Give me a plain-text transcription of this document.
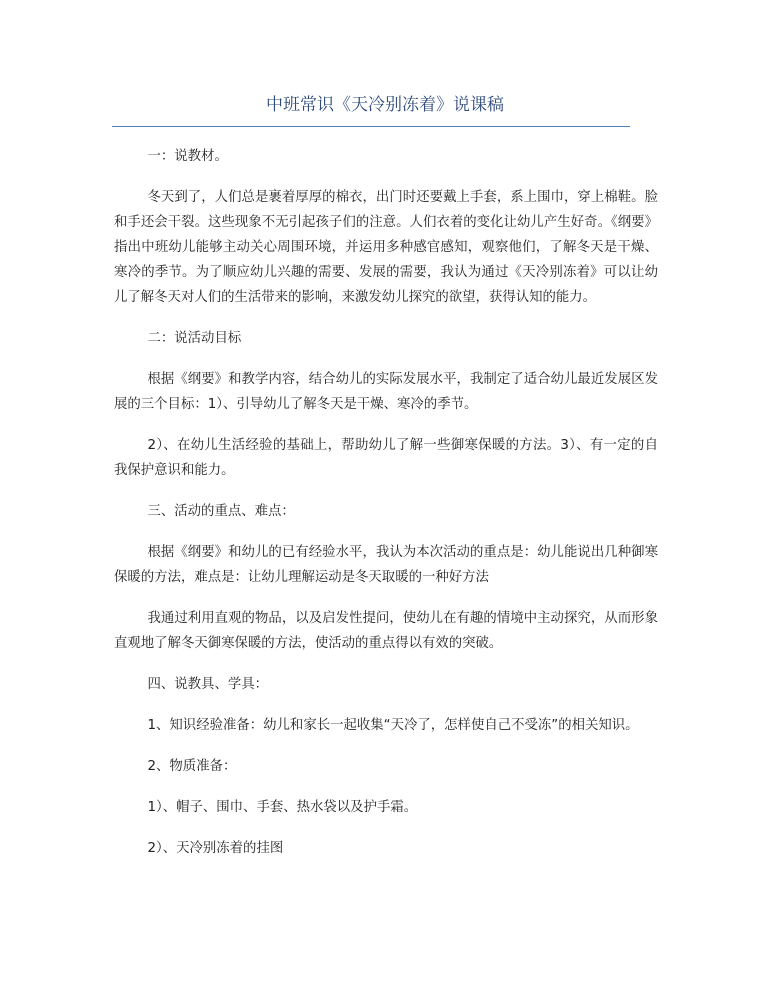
中班常识《天冷别冻着》说课稿

一：说教材。

冬天到了，人们总是裹着厚厚的棉衣，出门时还要戴上手套，系上围巾，穿上棉鞋。脸和手还会干裂。这些现象不无引起孩子们的注意。人们衣着的变化让幼儿产生好奇。《纲要》指出中班幼儿能够主动关心周围环境，并运用多种感官感知，观察他们，了解冬天是干燥、寒冷的季节。为了顺应幼儿兴趣的需要、发展的需要，我认为通过《天冷别冻着》可以让幼儿了解冬天对人们的生活带来的影响，来激发幼儿探究的欲望，获得认知的能力。

二：说活动目标

根据《纲要》和教学内容，结合幼儿的实际发展水平，我制定了适合幼儿最近发展区发展的三个目标：1）、引导幼儿了解冬天是干燥、寒冷的季节。

2）、在幼儿生活经验的基础上，帮助幼儿了解一些御寒保暖的方法。3）、有一定的自我保护意识和能力。

三、活动的重点、难点：

根据《纲要》和幼儿的已有经验水平，我认为本次活动的重点是：幼儿能说出几种御寒保暖的方法，难点是：让幼儿理解运动是冬天取暖的一种好方法

我通过利用直观的物品，以及启发性提问，使幼儿在有趣的情境中主动探究，从而形象直观地了解冬天御寒保暖的方法，使活动的重点得以有效的突破。

四、说教具、学具：

1、知识经验准备：幼儿和家长一起收集“天冷了，怎样使自己不受冻”的相关知识。

2、物质准备：

1）、帽子、围巾、手套、热水袋以及护手霜。

2）、天冷别冻着的挂图
